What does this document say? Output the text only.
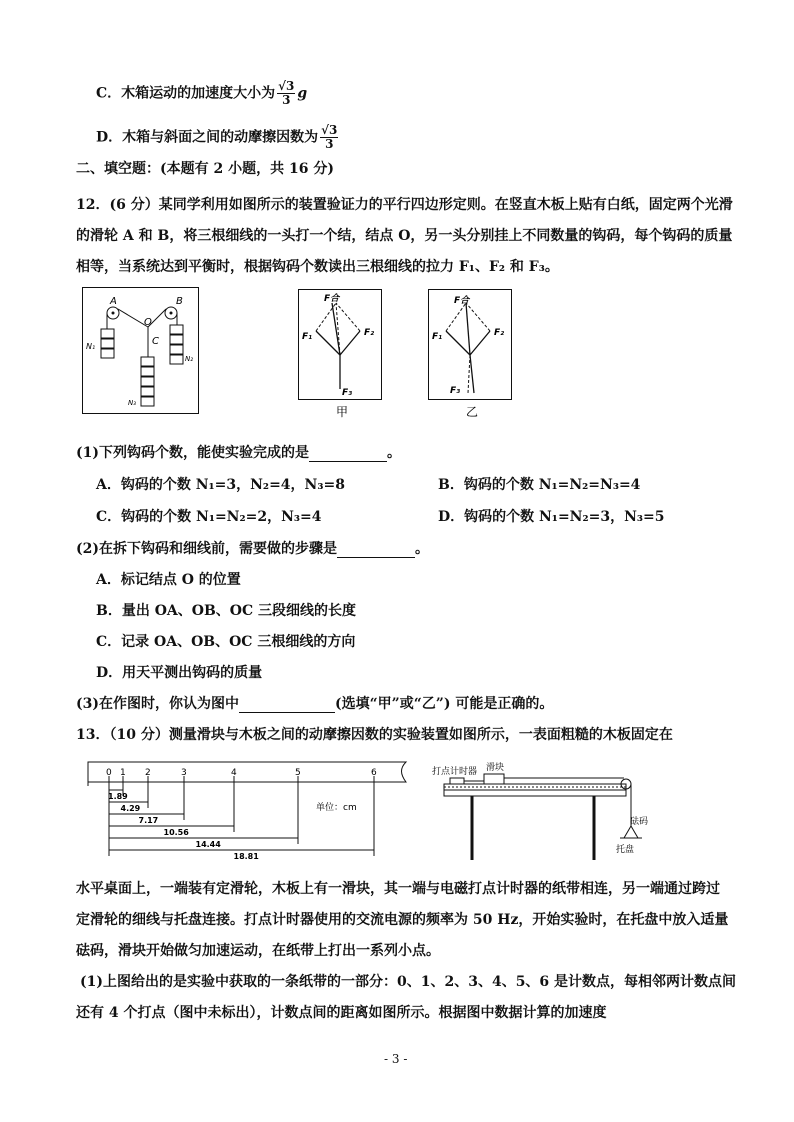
C．木箱运动的加速度大小为 $\frac{√3}{3}$ g
D．木箱与斜面之间的动摩擦因数为 $\frac{√3}{3}$
二、填空题：(本题有 2 小题，共 16 分)
12．(6 分）某同学利用如图所示的装置验证力的平行四边形定则。在竖直木板上贴有白纸，固定两个光滑
的滑轮 A 和 B，将三根细线的一头打一个结，结点 O，另一头分别挂上不同数量的钩码，每个钩码的质量
相等，当系统达到平衡时，根据钩码个数读出三根细线的拉力 F₁、F₂ 和 F₃。
A	B
O
C
N₁
N₂
N₃
F合
F₁	F₂
F₃
甲
F合
F₁	F₂
F₃
乙
(1)下列钩码个数，能使实验完成的是	。
A．钩码的个数 N₁=3，N₂=4，N₃=8	B．钩码的个数 N₁=N₂=N₃=4
C．钩码的个数 N₁=N₂=2，N₃=4	D．钩码的个数 N₁=N₂=3，N₃=5
(2)在拆下钩码和细线前，需要做的步骤是	。
A．标记结点 O 的位置
B．量出 OA、OB、OC 三段细线的长度
C．记录 OA、OB、OC 三根细线的方向
D．用天平测出钩码的质量
(3)在作图时，你认为图中	(选填“甲”或“乙”) 可能是正确的。
13．（10 分）测量滑块与木板之间的动摩擦因数的实验装置如图所示，一表面粗糙的木板固定在
0 1 2	3	4	5	6
1.89
4.29
7.17
10.56
14.44
18.81
单位：cm
打点计时器 滑块
砝码
托盘
水平桌面上，一端装有定滑轮，木板上有一滑块，其一端与电磁打点计时器的纸带相连，另一端通过跨过
定滑轮的细线与托盘连接。打点计时器使用的交流电源的频率为 50 Hz，开始实验时，在托盘中放入适量
砝码，滑块开始做匀加速运动，在纸带上打出一系列小点。
(1)上图给出的是实验中获取的一条纸带的一部分：0、1、2、3、4、5、6 是计数点，每相邻两计数点间
还有 4 个打点（图中未标出），计数点间的距离如图所示。根据图中数据计算的加速度
- 3 -
